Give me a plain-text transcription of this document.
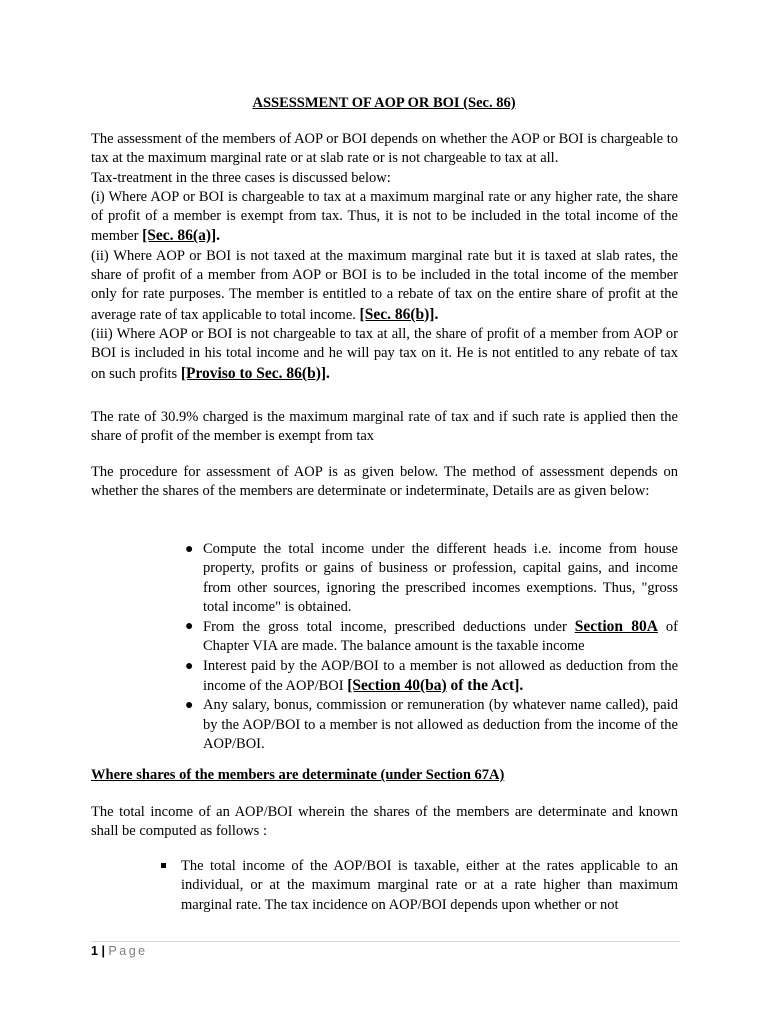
ASSESSMENT OF AOP OR BOI (Sec. 86)

The assessment of the members of AOP or BOI depends on whether the AOP or BOI is chargeable to tax at the maximum marginal rate or at slab rate or is not chargeable to tax at all.

Tax-treatment in the three cases is discussed below:

(i) Where AOP or BOI is chargeable to tax at a maximum marginal rate or any higher rate, the share of profit of a member is exempt from tax. Thus, it is not to be included in the total income of the member [Sec. 86(a)].

(ii) Where AOP or BOI is not taxed at the maximum marginal rate but it is taxed at slab rates, the share of profit of a member from AOP or BOI is to be included in the total income of the member only for rate purposes. The member is entitled to a rebate of tax on the entire share of profit at the average rate of tax applicable to total income. [Sec. 86(b)].

(iii) Where AOP or BOI is not chargeable to tax at all, the share of profit of a member from AOP or BOI is included in his total income and he will pay tax on it. He is not entitled to any rebate of tax on such profits [Proviso to Sec. 86(b)].

The rate of 30.9% charged is the maximum marginal rate of tax and if such rate is applied then the share of profit of the member is exempt from tax
The procedure for assessment of AOP is as given below. The method of assessment depends on whether the shares of the members are determinate or indeterminate, Details are as given below:
● Compute the total income under the different heads i.e. income from house property, profits or gains of business or profession, capital gains, and income from other sources, ignoring the prescribed incomes exemptions. Thus, "gross total income" is obtained.
● From the gross total income, prescribed deductions under Section 80A of Chapter VIA are made. The balance amount is the taxable income
● Interest paid by the AOP/BOI to a member is not allowed as deduction from the income of the AOP/BOI [Section 40(ba) of the Act].
● Any salary, bonus, commission or remuneration (by whatever name called), paid by the AOP/BOI to a member is not allowed as deduction from the income of the AOP/BOI.
Where shares of the members are determinate (under Section 67A)
The total income of an AOP/BOI wherein the shares of the members are determinate and known shall be computed as follows :
The total income of the AOP/BOI is taxable, either at the rates applicable to an individual, or at the maximum marginal rate or at a rate higher than maximum marginal rate. The tax incidence on AOP/BOI depends upon whether or not
1 | Page
